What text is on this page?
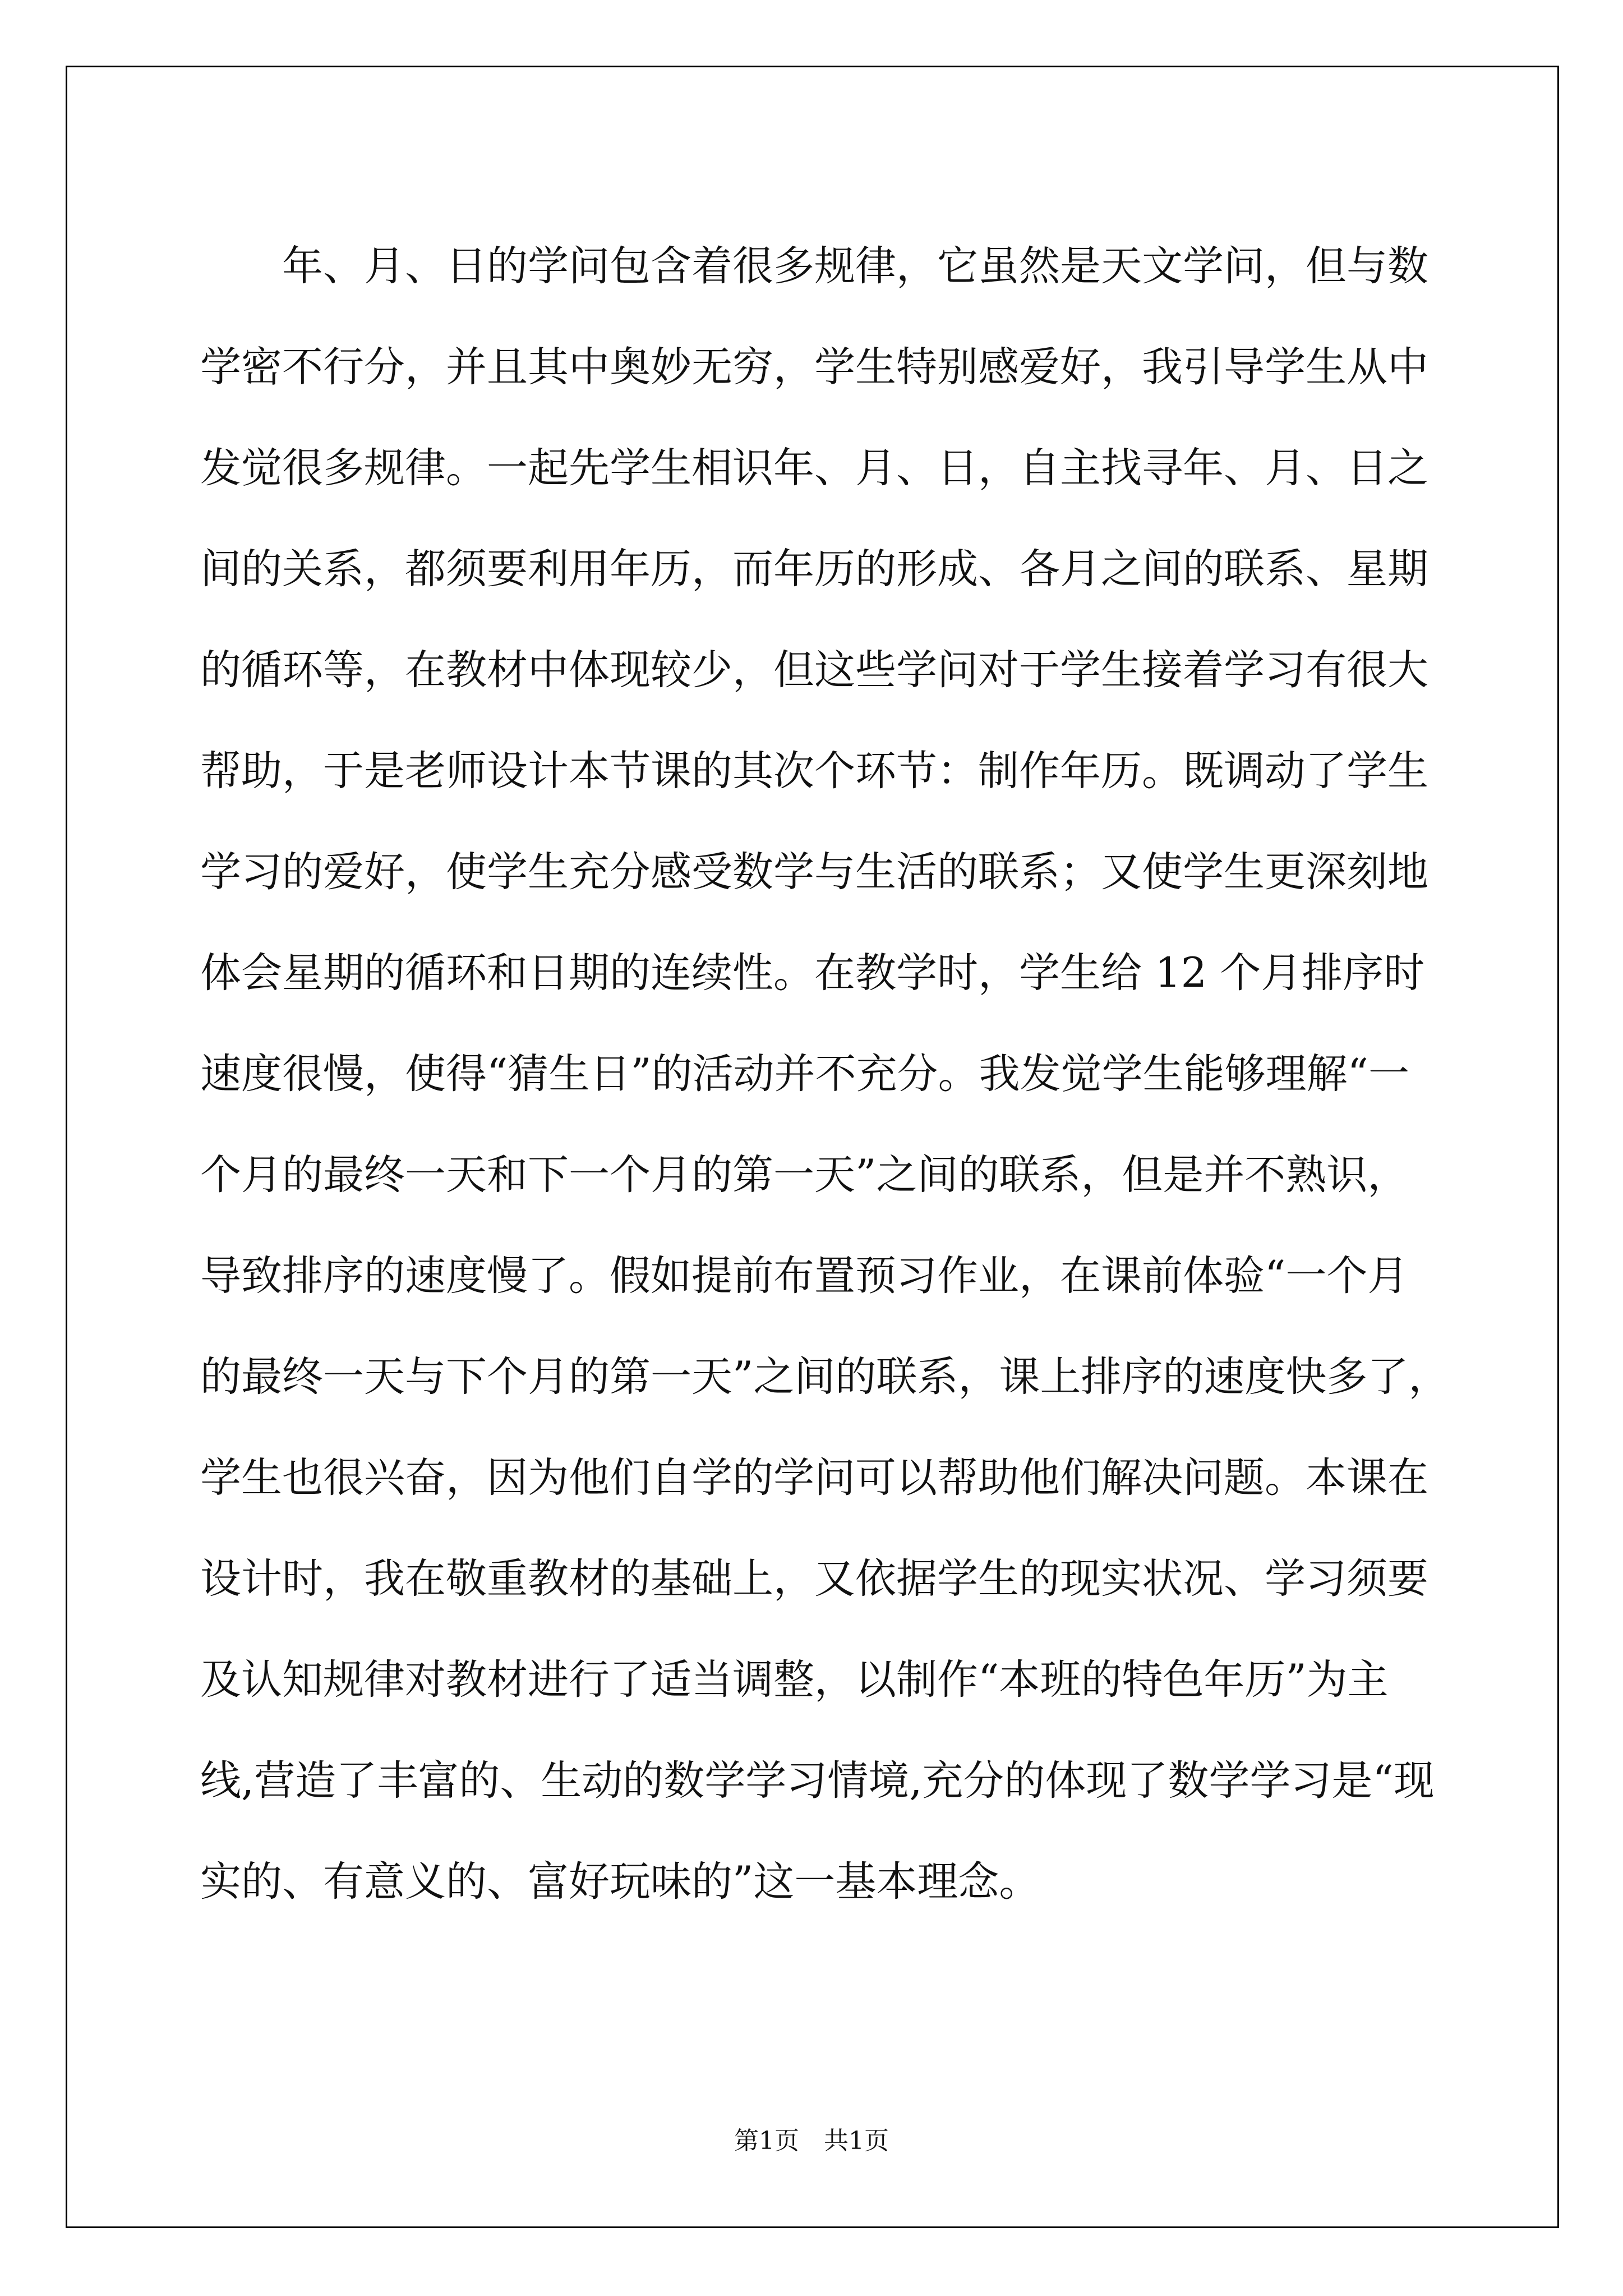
年、月、日的学问包含着很多规律，它虽然是天文学问，但与数
学密不行分，并且其中奥妙无穷，学生特别感爱好，我引导学生从中
发觉很多规律。一起先学生相识年、月、日，自主找寻年、月、日之
间的关系，都须要利用年历，而年历的形成、各月之间的联系、星期
的循环等，在教材中体现较少，但这些学问对于学生接着学习有很大
帮助，于是老师设计本节课的其次个环节：制作年历。既调动了学生
学习的爱好，使学生充分感受数学与生活的联系；又使学生更深刻地
体会星期的循环和日期的连续性。在教学时，学生给 12 个月排序时
速度很慢，使得“猜生日”的活动并不充分。我发觉学生能够理解“一
个月的最终一天和下一个月的第一天”之间的联系，但是并不熟识，
导致排序的速度慢了。假如提前布置预习作业，在课前体验“一个月
的最终一天与下个月的第一天”之间的联系，课上排序的速度快多了，
学生也很兴奋，因为他们自学的学问可以帮助他们解决问题。本课在
设计时，我在敬重教材的基础上，又依据学生的现实状况、学习须要
及认知规律对教材进行了适当调整，以制作“本班的特色年历”为主
线,营造了丰富的、生动的数学学习情境,充分的体现了数学学习是“现
实的、有意义的、富好玩味的”这一基本理念。
第1页　共1页
